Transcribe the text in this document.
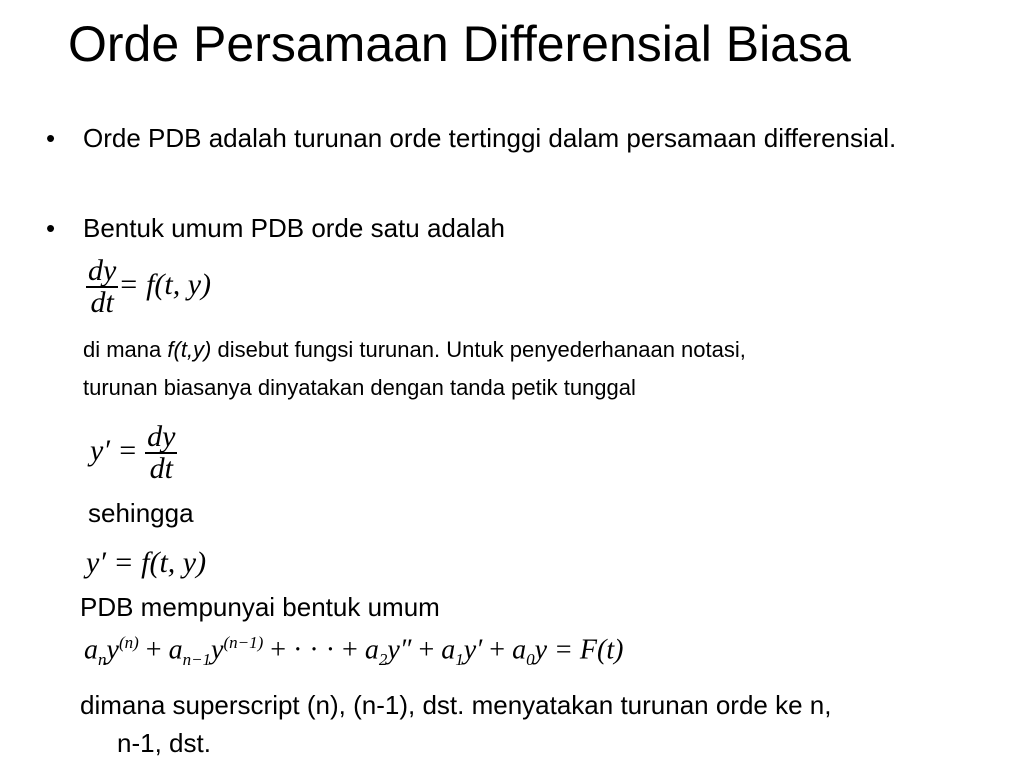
Orde Persamaan Differensial Biasa
• Orde PDB adalah turunan orde tertinggi dalam persamaan differensial.
• Bentuk umum PDB orde satu adalah
$\frac{dy}{dt} = f(t$, y)
di mana f(t,y) disebut fungsi turunan. Untuk penyederhanaan notasi,
turunan biasanya dinyatakan dengan tanda petik tunggal
$y' = \frac{dy}{dt}$
sehingga
y′ = f(t, y)
PDB mempunyai bentuk umum
$a_ny^{(n)} + a_{n-1}y^{(n-1)}$ + · · · + $a_2y'' + a_1y' + a_0y = F(t)$
dimana superscript (n), (n-1), dst. menyatakan turunan orde ke n,
n-1, dst.
